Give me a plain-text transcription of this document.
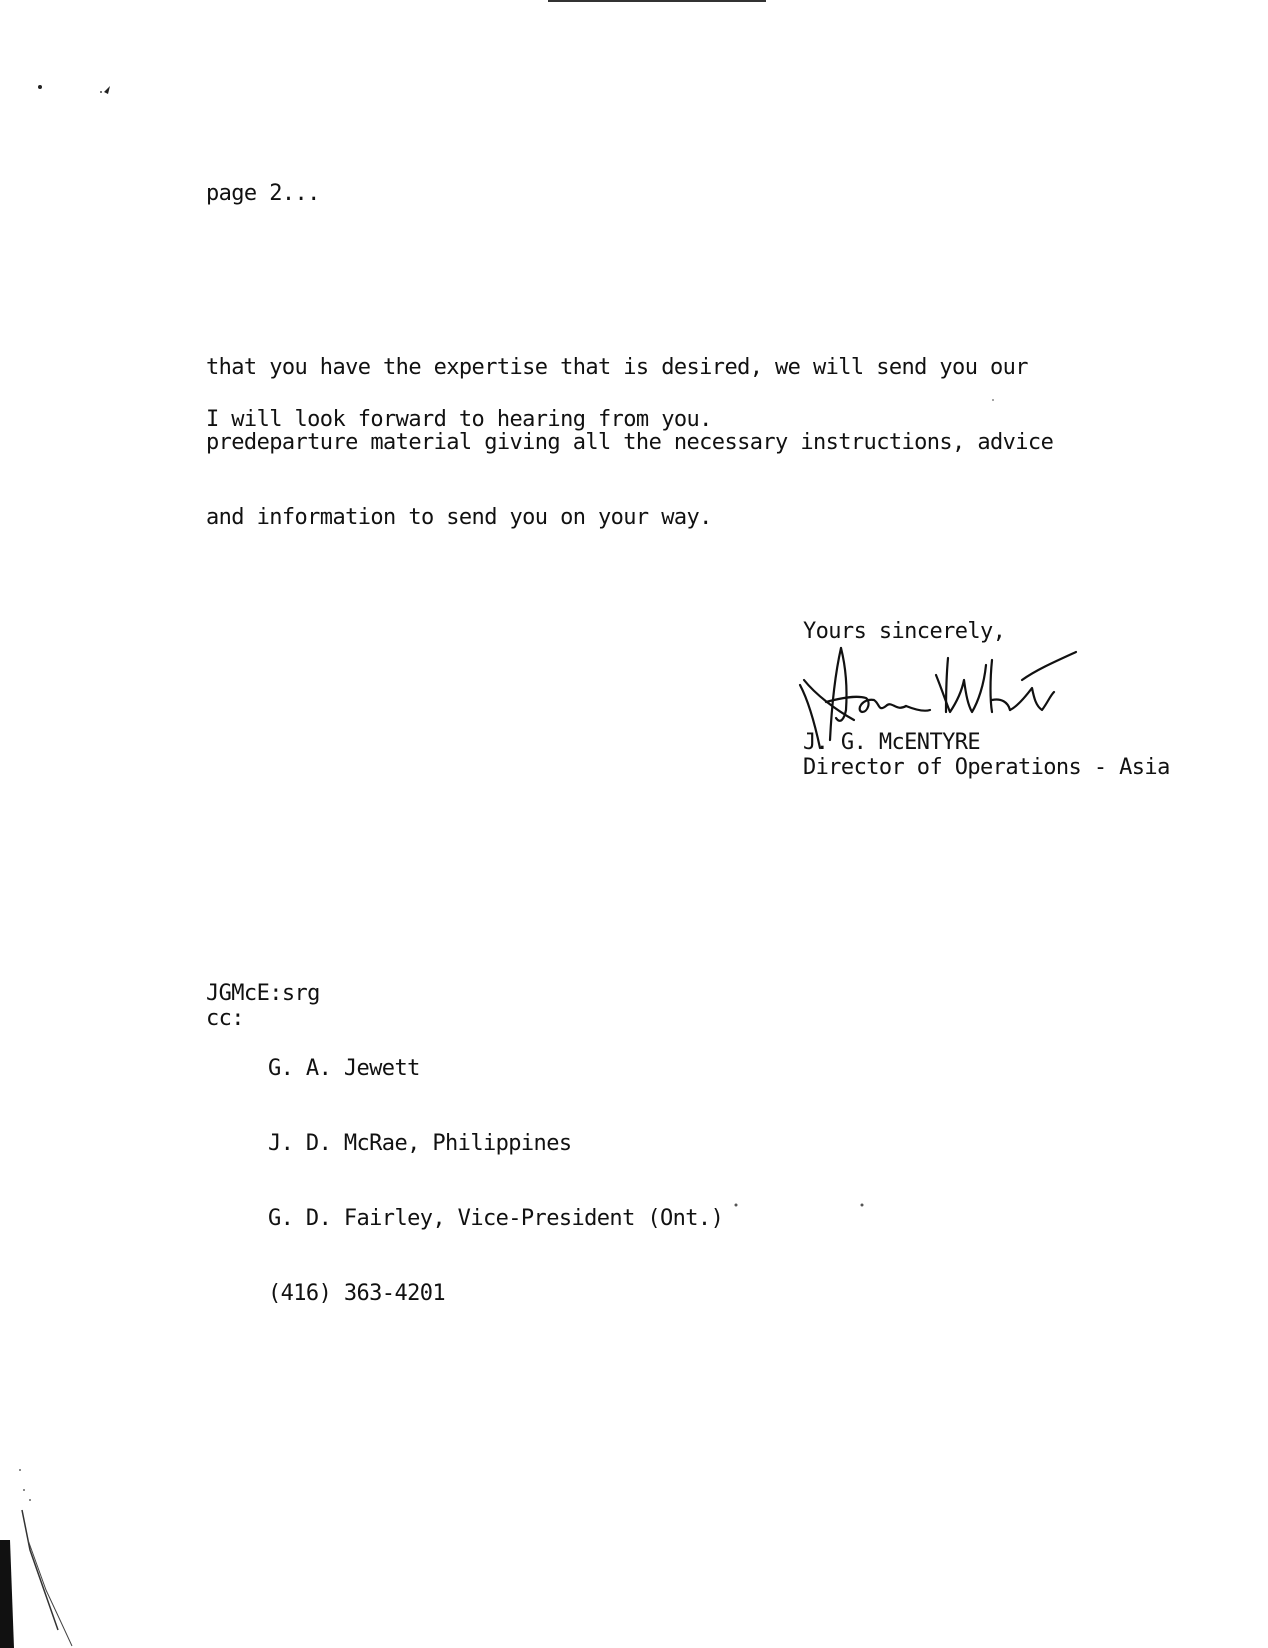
page 2...

that you have the expertise that is desired, we will send you our

predeparture material giving all the necessary instructions, advice

and information to send you on your way.

I will look forward to hearing from you.
Yours sincerely,
J. G. McENTYRE
Director of Operations - Asia
JGMcE:srg
cc:

G. A. Jewett

J. D. McRae, Philippines

G. D. Fairley, Vice-President (Ont.)

(416) 363-4201
